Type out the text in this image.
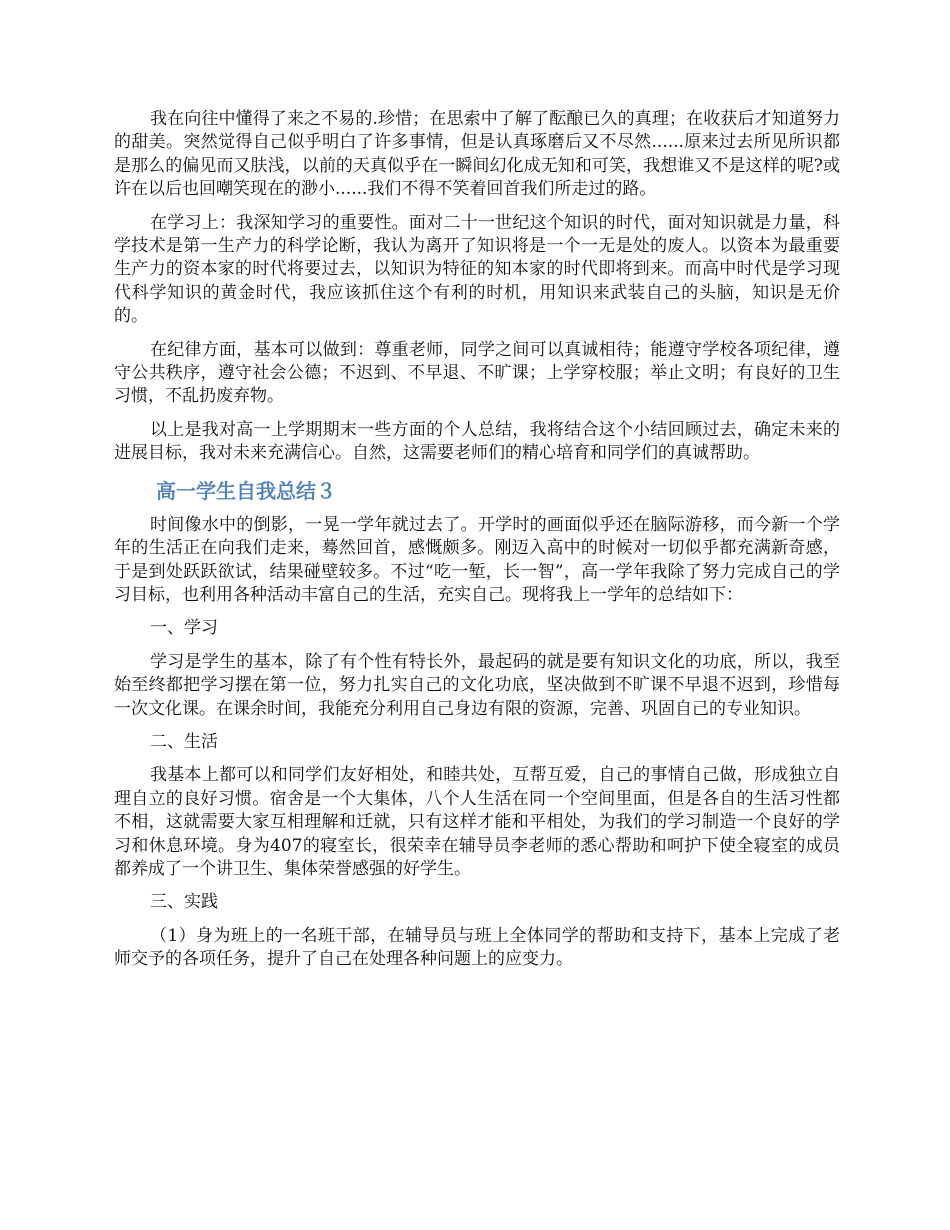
我在向往中懂得了来之不易的.珍惜；在思索中了解了酝酿已久的真理；在收获后才知道努力的甜美。突然觉得自己似乎明白了许多事情，但是认真琢磨后又不尽然......原来过去所见所识都是那么的偏见而又肤浅，以前的天真似乎在一瞬间幻化成无知和可笑，我想谁又不是这样的呢?或许在以后也回嘲笑现在的渺小......我们不得不笑着回首我们所走过的路。

在学习上：我深知学习的重要性。面对二十一世纪这个知识的时代，面对知识就是力量，科学技术是第一生产力的科学论断，我认为离开了知识将是一个一无是处的废人。以资本为最重要生产力的资本家的时代将要过去，以知识为特征的知本家的时代即将到来。而高中时代是学习现代科学知识的黄金时代，我应该抓住这个有利的时机，用知识来武装自己的头脑，知识是无价的。

在纪律方面，基本可以做到：尊重老师，同学之间可以真诚相待；能遵守学校各项纪律，遵守公共秩序，遵守社会公德；不迟到、不早退、不旷课；上学穿校服；举止文明；有良好的卫生习惯，不乱扔废弃物。

以上是我对高一上学期期末一些方面的个人总结，我将结合这个小结回顾过去，确定未来的进展目标，我对未来充满信心。自然，这需要老师们的精心培育和同学们的真诚帮助。

高一学生自我总结３

时间像水中的倒影，一晃一学年就过去了。开学时的画面似乎还在脑际游移，而今新一个学年的生活正在向我们走来，蓦然回首，感慨颇多。刚迈入高中的时候对一切似乎都充满新奇感，于是到处跃跃欲试，结果碰壁较多。不过“吃一堑，长一智”，高一学年我除了努力完成自己的学习目标，也利用各种活动丰富自己的生活，充实自己。现将我上一学年的总结如下：

一、学习

学习是学生的基本，除了有个性有特长外，最起码的就是要有知识文化的功底，所以，我至始至终都把学习摆在第一位，努力扎实自己的文化功底，坚决做到不旷课不早退不迟到，珍惜每一次文化课。在课余时间，我能充分利用自己身边有限的资源，完善、巩固自己的专业知识。

二、生活

我基本上都可以和同学们友好相处，和睦共处，互帮互爱，自己的事情自己做，形成独立自理自立的良好习惯。宿舍是一个大集体，八个人生活在同一个空间里面，但是各自的生活习性都不相，这就需要大家互相理解和迁就，只有这样才能和平相处，为我们的学习制造一个良好的学习和休息环境。身为407的寝室长，很荣幸在辅导员李老师的悉心帮助和呵护下使全寝室的成员都养成了一个讲卫生、集体荣誉感强的好学生。

三、实践

（1）身为班上的一名班干部，在辅导员与班上全体同学的帮助和支持下，基本上完成了老师交予的各项任务，提升了自己在处理各种问题上的应变力。
